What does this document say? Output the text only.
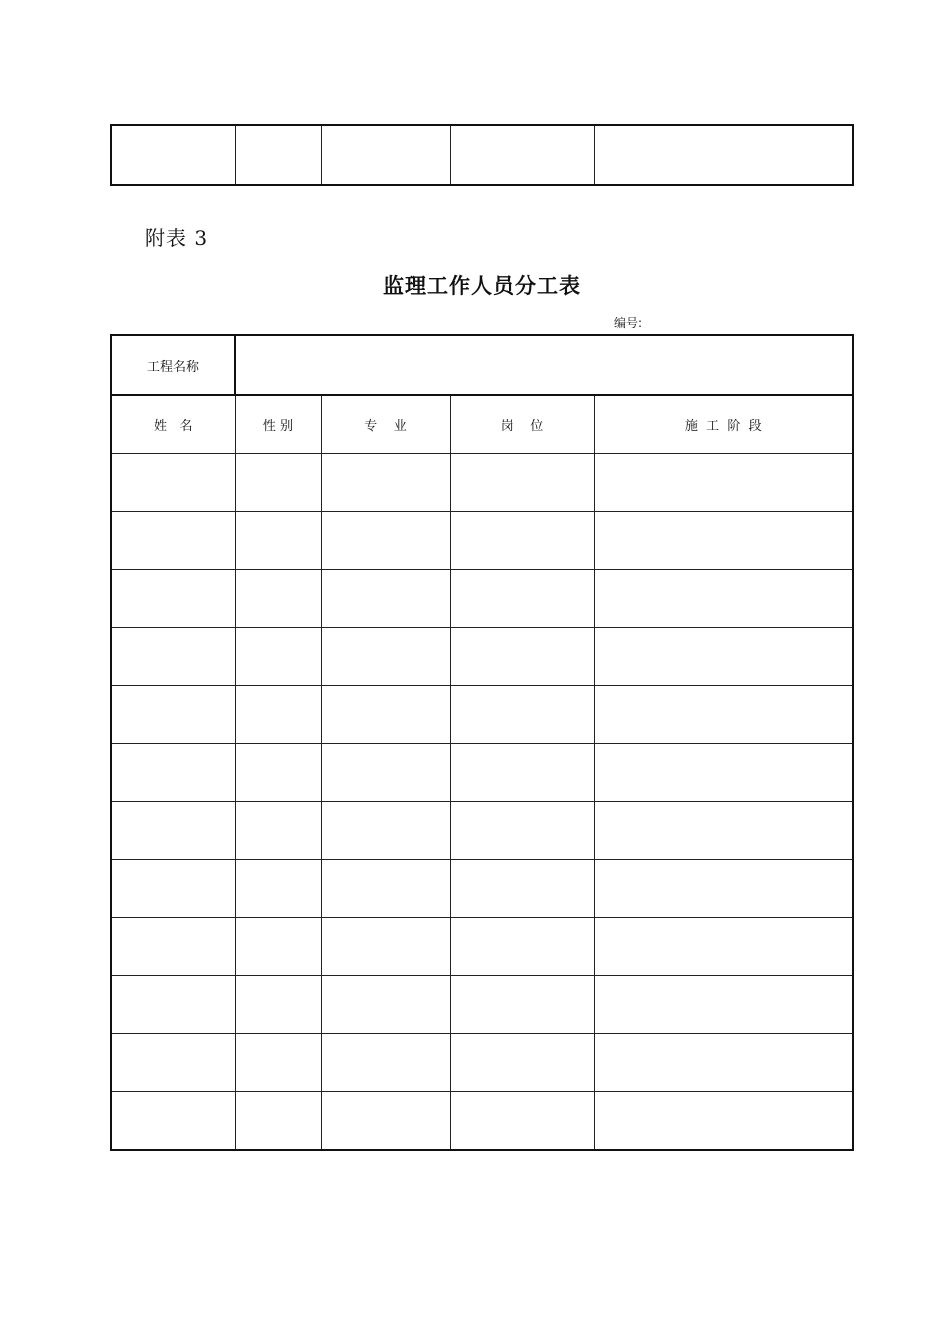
附表 3
监理工作人员分工表
编号:
工程名称				
姓   名	性 别	专    业	岗    位	施  工  阶  段
